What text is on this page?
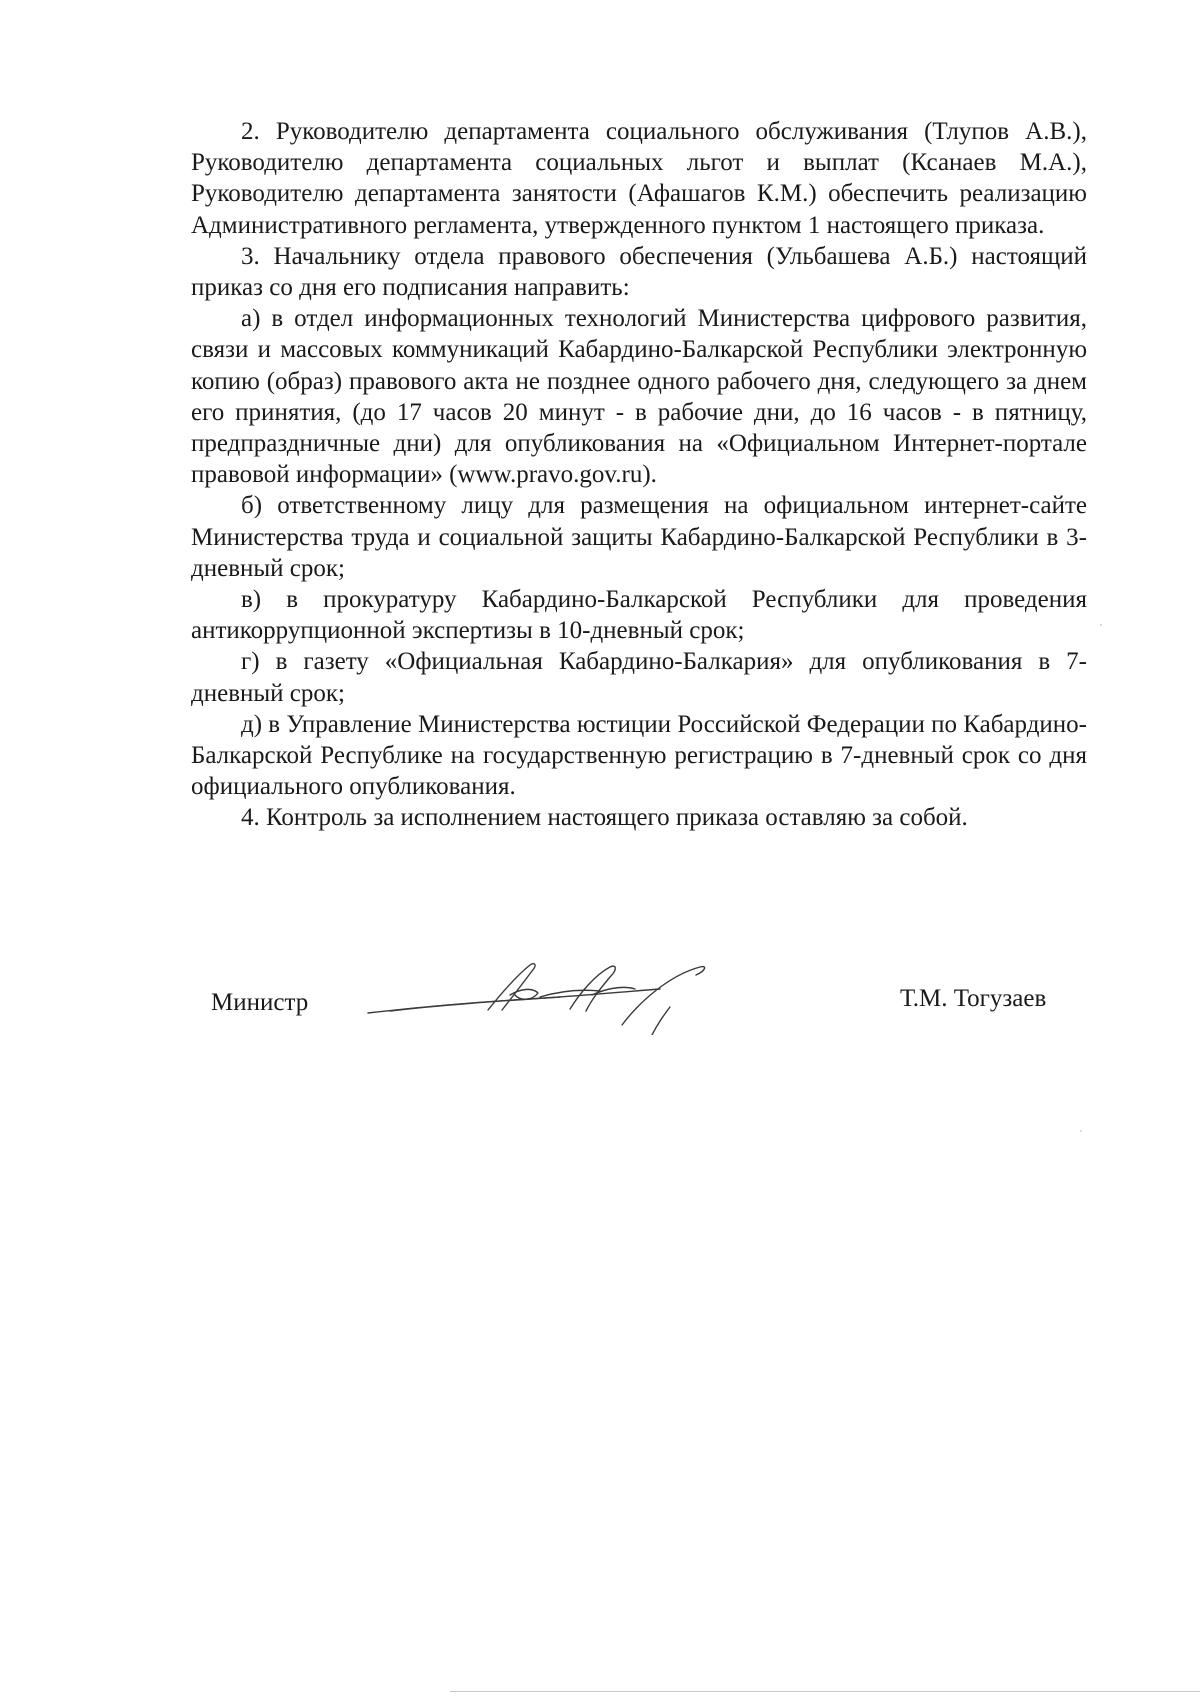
2. Руководителю департамента социального обслуживания (Тлупов А.В.), Руководителю департамента социальных льгот и выплат (Ксанаев М.А.), Руководителю департамента занятости (Афашагов К.М.) обеспечить реализацию Административного регламента, утвержденного пунктом 1 настоящего приказа.

3. Начальнику отдела правового обеспечения (Ульбашева А.Б.) настоящий приказ со дня его подписания направить:

а) в отдел информационных технологий Министерства цифрового развития, связи и массовых коммуникаций Кабардино-Балкарской Республики электронную копию (образ) правового акта не позднее одного рабочего дня, следующего за днем его принятия, (до 17 часов 20 минут - в рабочие дни, до 16 часов - в пятницу, предпраздничные дни) для опубликования на «Официальном Интернет-портале правовой информации» (www.pravo.gov.ru).

б) ответственному лицу для размещения на официальном интернет-сайте Министерства труда и социальной защиты Кабардино-Балкарской Республики в 3-дневный срок;

в) в прокуратуру Кабардино-Балкарской Республики для проведения антикоррупционной экспертизы в 10-дневный срок;

г) в газету «Официальная Кабардино-Балкария» для опубликования в 7-дневный срок;

д) в Управление Министерства юстиции Российской Федерации по Кабардино-Балкарской Республике на государственную регистрацию в 7-дневный срок со дня официального опубликования.

4. Контроль за исполнением настоящего приказа оставляю за собой.

Министр	Т.М. Тогузаев
